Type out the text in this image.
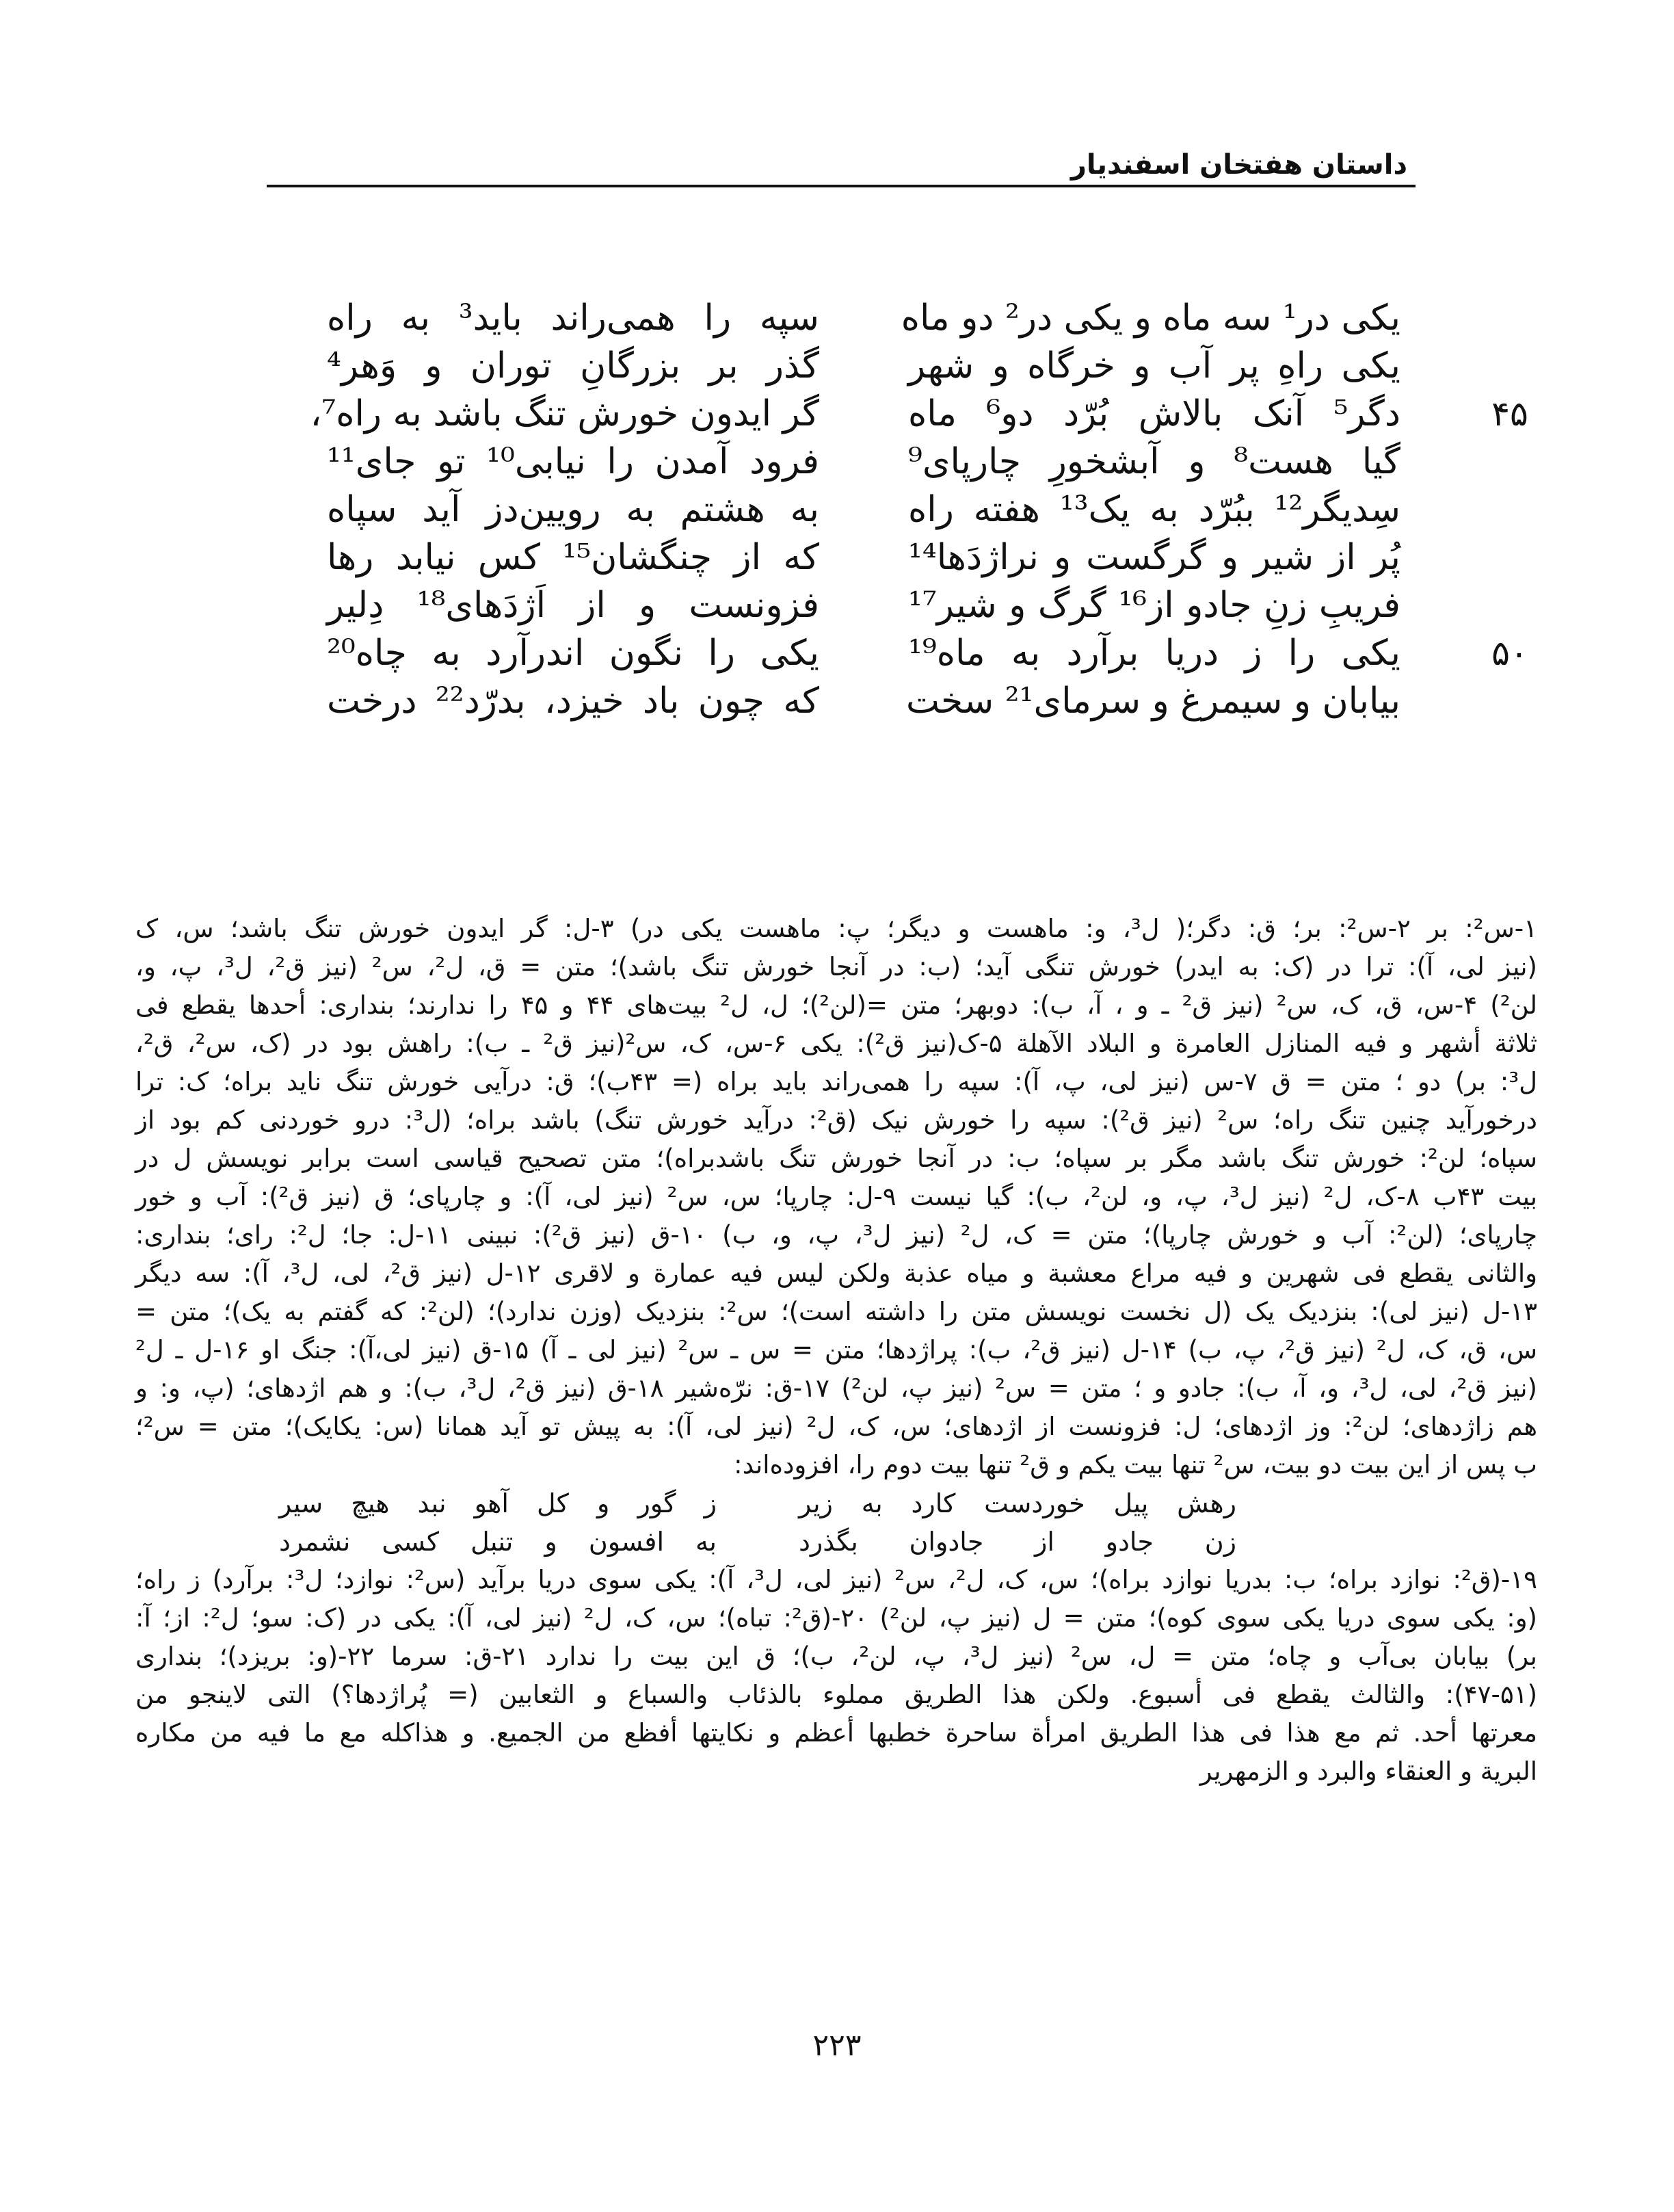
داستان هفتخان اسفندیار
۴۵
۵۰
یکی در¹ سه ماه و یکی در² دو ماه
یکی راهِ پر آب و خرگاه و شهر
دگر⁵ آنک بالاش بُرّد دو⁶ ماه
گیا هست⁸ و آبشخورِ چارپای⁹
سِدیگر¹² ببُرّد به یک¹³ هفته راه
پُر از شیر و گرگست و نراژدَها¹⁴
فریبِ زنِ جادو از¹⁶ گرگ و شیر¹⁷
یکی را ز دریا برآرد به ماه¹⁹
بیابان و سیمرغ و سرمای²¹ سخت
سپه را همی‌راند باید³ به راه
گذر بر بزرگانِ توران و وَهر⁴
گر ایدون خورش تنگ باشد به راه⁷،
فرود آمدن را نیابی¹⁰ تو جای¹¹
به هشتم به رویین‌دز آید سپاه
که از چنگشان¹⁵ کس نیابد رها
فزونست و از اَژدَهای¹⁸ دِلیر
یکی را نگون اندرآرد به چاه²⁰
که چون باد خیزد، بدرّد²² درخت
۱-س²: بر ۲-س²: بر؛ ق: دگر؛( ل³، و: ماهست و دیگر؛ پ: ماهست یکی در) ۳-ل: گر ایدون خورش تنگ باشد؛ س، ک
(نیز لی، آ): ترا در (ک: به ایدر) خورش تنگی آید؛ (ب: در آنجا خورش تنگ باشد)؛ متن = ق، ل²، س² (نیز ق²، ل³، پ، و،
لن²) ۴-س، ق، ک، س² (نیز ق² ـ و ، آ، ب): دوبهر؛ متن =(لن²)؛ ل، ل² بیت‌های ۴۴ و ۴۵ را ندارند؛ بنداری: أحدها یقطع فی
ثلاثة أشهر و فیه المنازل العامرة و البلاد الآهلة ۵-ک(نیز ق²): یکی ۶-س، ک، س²(نیز ق² ـ ب): راهش بود در (ک، س²، ق²،
ل³: بر) دو ؛ متن = ق ۷-س (نیز لی، پ، آ): سپه را همی‌راند باید براه (= ۴۳ب)؛ ق: درآیی خورش تنگ ناید براه؛ ک: ترا
درخورآید چنین تنگ راه؛ س² (نیز ق²): سپه را خورش نیک (ق²: درآید خورش تنگ) باشد براه؛ (ل³: درو خوردنی کم بود از
سپاه؛ لن²: خورش تنگ باشد مگر بر سپاه؛ ب: در آنجا خورش تنگ باشدبراه)؛ متن تصحیح قیاسی است برابر نویسش ل در
بیت ۴۳ب ۸-ک، ل² (نیز ل³، پ، و، لن²، ب): گیا نیست ۹-ل: چارپا؛ س، س² (نیز لی، آ): و چارپای؛ ق (نیز ق²): آب و خور
چارپای؛ (لن²: آب و خورش چارپا)؛ متن = ک، ل² (نیز ل³، پ، و، ب) ۱۰-ق (نیز ق²): نبینی ۱۱-ل: جا؛ ل²: رای؛ بنداری:
والثانی یقطع فی شهرین و فیه مراع معشبة و میاه عذبة ولکن لیس فیه عمارة و لاقری ۱۲-ل (نیز ق²، لی، ل³، آ): سه دیگر
۱۳-ل (نیز لی): بنزدیک یک (ل نخست نویسش متن را داشته است)؛ س²: بنزدیک (وزن ندارد)؛ (لن²: که گفتم به یک)؛ متن =
س، ق، ک، ل² (نیز ق²، پ، ب) ۱۴-ل (نیز ق²، ب): پراژدها؛ متن = س ـ س² (نیز لی ـ آ) ۱۵-ق (نیز لی،آ): جنگ او ۱۶-ل ـ ل²
(نیز ق²، لی، ل³، و، آ، ب): جادو و ؛ متن = س² (نیز پ، لن²) ۱۷-ق: نرّه‌شیر ۱۸-ق (نیز ق²، ل³، ب): و هم اژدهای؛ (پ، و: و
هم زاژدهای؛ لن²: وز اژدهای؛ ل: فزونست از اژدهای؛ س، ک، ل² (نیز لی، آ): به پیش تو آید همانا (س: یکایک)؛ متن = س²؛
ب پس از این بیت دو بیت، س² تنها بیت یکم و ق² تنها بیت دوم را، افزوده‌اند:
رهش پیل خوردست کارد به زیر
ز گور و کل آهو نبد هیچ سیر
زن جادو از جادوان بگذرد
به افسون و تنبل کسی نشمرد
۱۹-(ق²: نوازد براه؛ ب: بدریا نوازد براه)؛ س، ک، ل²، س² (نیز لی، ل³، آ): یکی سوی دریا برآید (س²: نوازد؛ ل³: برآرد) ز راه؛
(و: یکی سوی دریا یکی سوی کوه)؛ متن = ل (نیز پ، لن²) ۲۰-(ق²: تباه)؛ س، ک، ل² (نیز لی، آ): یکی در (ک: سو؛ ل²: از؛ آ:
بر) بیابان بی‌آب و چاه؛ متن = ل، س² (نیز ل³، پ، لن²، ب)؛ ق این بیت را ندارد ۲۱-ق: سرما ۲۲-(و: بریزد)؛ بنداری
(۴۷-۵۱): والثالث یقطع فی أسبوع. ولکن هذا الطریق مملوء بالذئاب والسباع و الثعابین (= پُراژدها؟) التی لاینجو من
معرتها أحد. ثم مع هذا فی هذا الطریق امرأة ساحرة خطبها أعظم و نکایتها أفظع من الجمیع. و هذاکله مع ما فیه من مکاره
البریة و العنقاء والبرد و الزمهریر
۲۲۳
